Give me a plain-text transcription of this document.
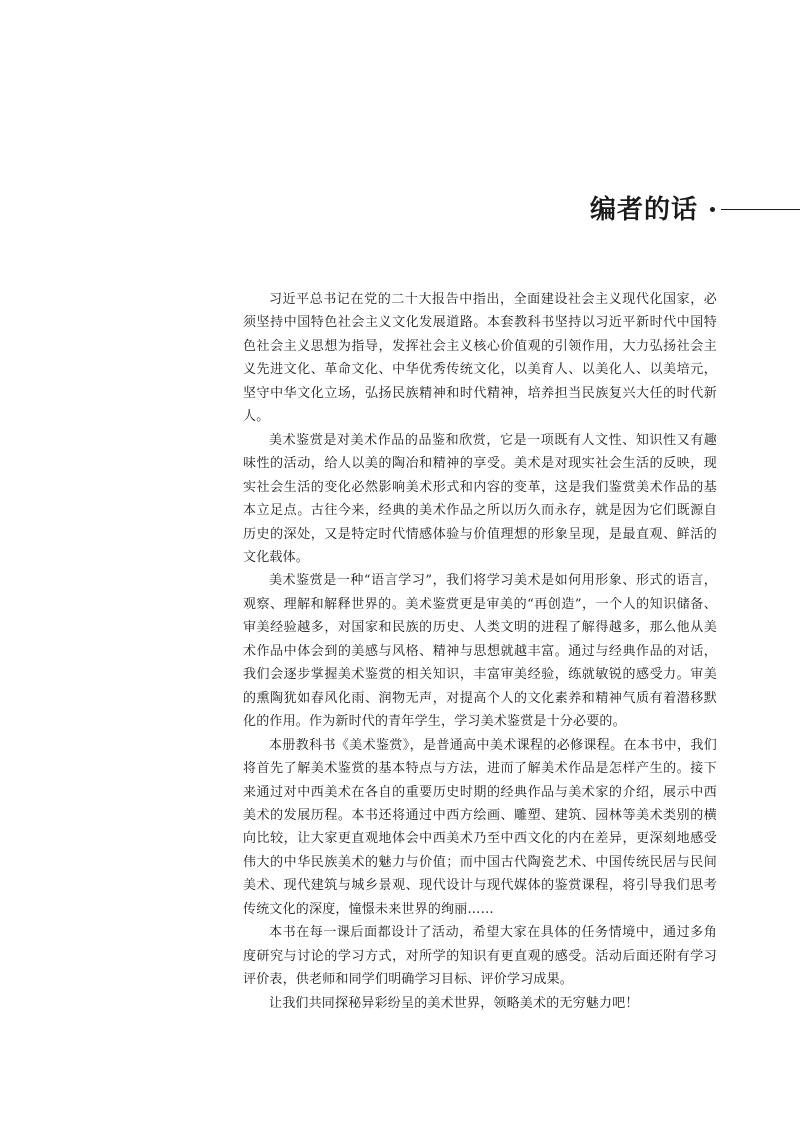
编者的话

习近平总书记在党的二十大报告中指出，全面建设社会主义现代化国家，必须坚持中国特色社会主义文化发展道路。本套教科书坚持以习近平新时代中国特色社会主义思想为指导，发挥社会主义核心价值观的引领作用，大力弘扬社会主义先进文化、革命文化、中华优秀传统文化，以美育人、以美化人、以美培元，坚守中华文化立场，弘扬民族精神和时代精神，培养担当民族复兴大任的时代新人。

美术鉴赏是对美术作品的品鉴和欣赏，它是一项既有人文性、知识性又有趣味性的活动，给人以美的陶冶和精神的享受。美术是对现实社会生活的反映，现实社会生活的变化必然影响美术形式和内容的变革，这是我们鉴赏美术作品的基本立足点。古往今来，经典的美术作品之所以历久而永存，就是因为它们既源自历史的深处，又是特定时代情感体验与价值理想的形象呈现，是最直观、鲜活的文化载体。

美术鉴赏是一种“语言学习”，我们将学习美术是如何用形象、形式的语言，观察、理解和解释世界的。美术鉴赏更是审美的“再创造”，一个人的知识储备、审美经验越多，对国家和民族的历史、人类文明的进程了解得越多，那么他从美术作品中体会到的美感与风格、精神与思想就越丰富。通过与经典作品的对话，我们会逐步掌握美术鉴赏的相关知识，丰富审美经验，练就敏锐的感受力。审美的熏陶犹如春风化雨、润物无声，对提高个人的文化素养和精神气质有着潜移默化的作用。作为新时代的青年学生，学习美术鉴赏是十分必要的。

本册教科书《美术鉴赏》，是普通高中美术课程的必修课程。在本书中，我们将首先了解美术鉴赏的基本特点与方法，进而了解美术作品是怎样产生的。接下来通过对中西美术在各自的重要历史时期的经典作品与美术家的介绍，展示中西美术的发展历程。本书还将通过中西方绘画、雕塑、建筑、园林等美术类别的横向比较，让大家更直观地体会中西美术乃至中西文化的内在差异，更深刻地感受伟大的中华民族美术的魅力与价值；而中国古代陶瓷艺术、中国传统民居与民间美术、现代建筑与城乡景观、现代设计与现代媒体的鉴赏课程，将引导我们思考传统文化的深度，憧憬未来世界的绚丽……

本书在每一课后面都设计了活动，希望大家在具体的任务情境中，通过多角度研究与讨论的学习方式，对所学的知识有更直观的感受。活动后面还附有学习评价表，供老师和同学们明确学习目标、评价学习成果。

让我们共同探秘异彩纷呈的美术世界，领略美术的无穷魅力吧！
